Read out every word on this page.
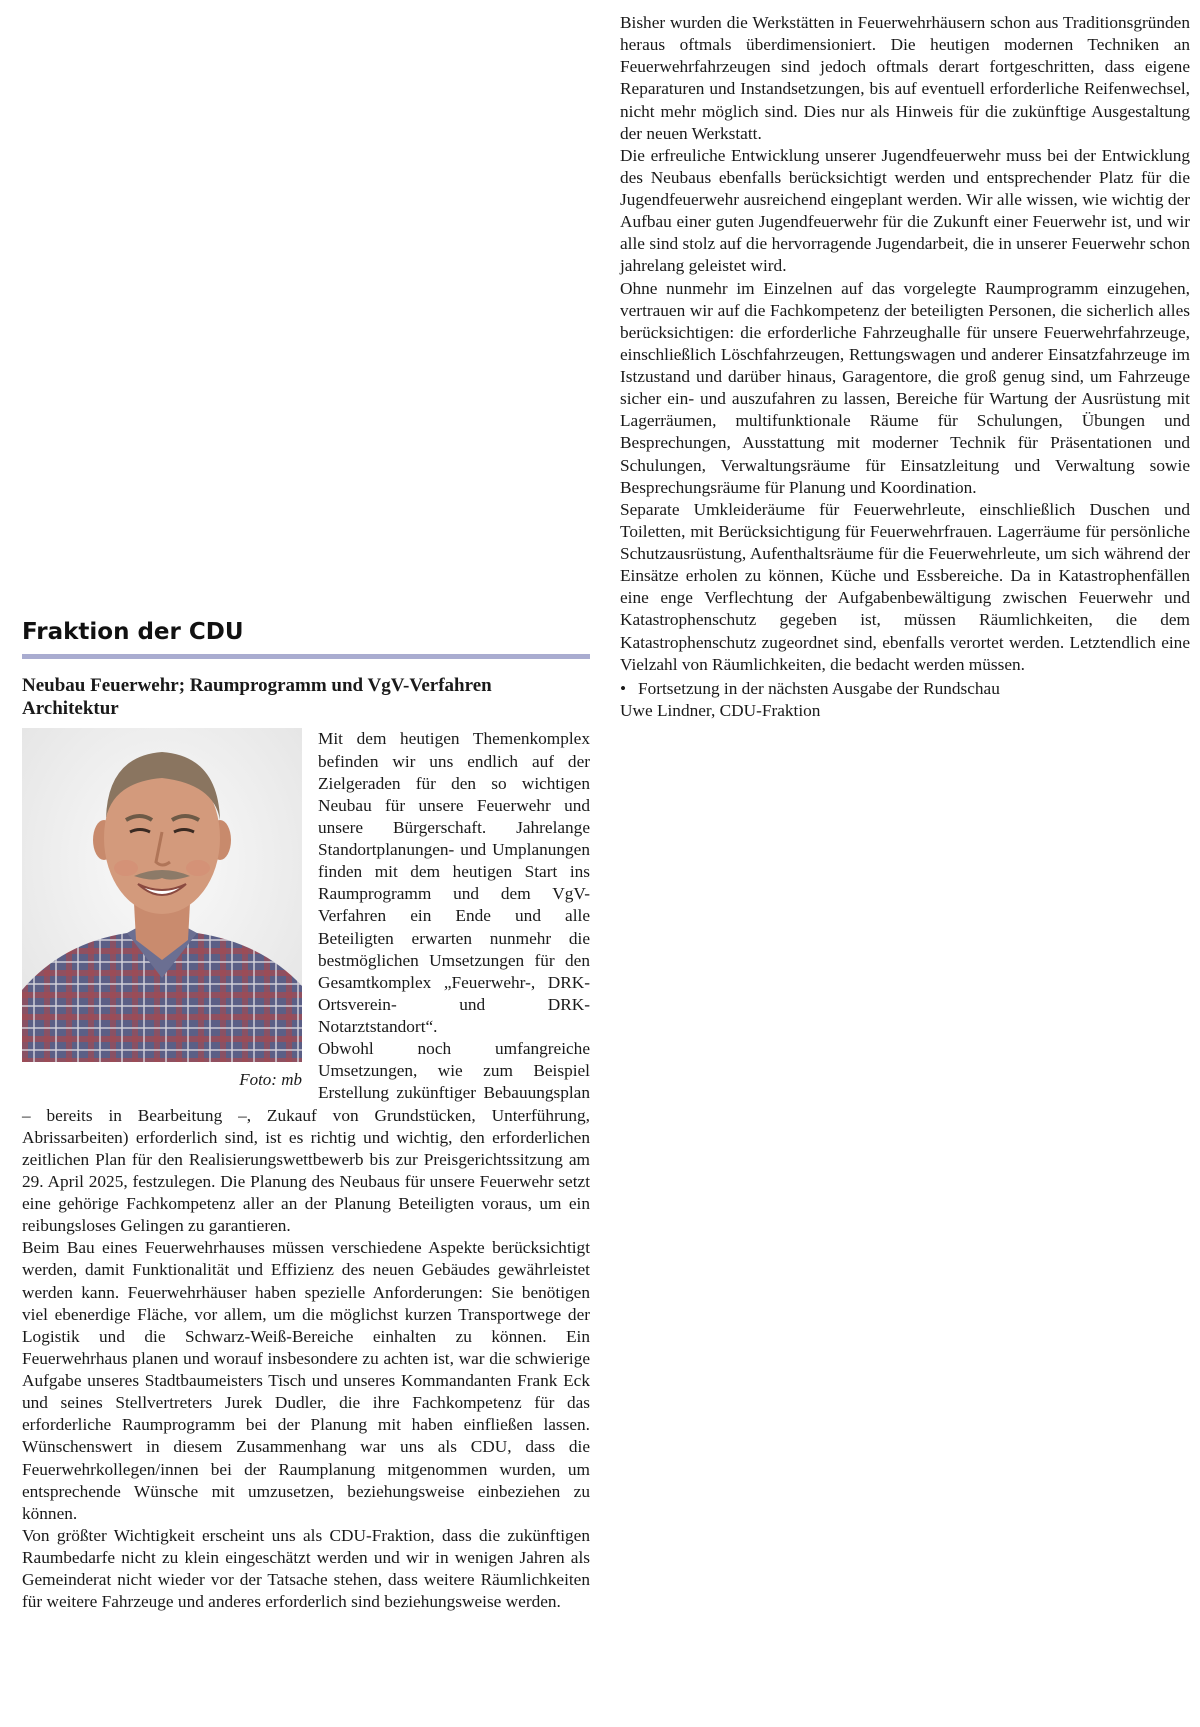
Fraktion der CDU
Neubau Feuerwehr; Raumprogramm und VgV-Verfahren Architektur
Foto: mb

Mit dem heutigen Themenkomplex befinden wir uns endlich auf der Zielgeraden für den so wichtigen Neubau für unsere Feuerwehr und unsere Bürgerschaft. Jahrelange Standortplanungen- und Umplanungen finden mit dem heutigen Start ins Raumprogramm und dem VgV-Verfahren ein Ende und alle Beteiligten erwarten nunmehr die bestmöglichen Umsetzungen für den Gesamtkomplex „Feuerwehr-, DRK-Ortsverein- und DRK-Notarztstandort“.

Obwohl noch umfangreiche Umsetzungen, wie zum Beispiel Erstellung zukünftiger Bebauungsplan – bereits in Bearbeitung –, Zukauf von Grundstücken, Unterführung, Abrissarbeiten) erforderlich sind, ist es richtig und wichtig, den erforderlichen zeitlichen Plan für den Realisierungswettbewerb bis zur Preisgerichtssitzung am 29. April 2025, festzulegen. Die Planung des Neubaus für unsere Feuerwehr setzt eine gehörige Fachkompetenz aller an der Planung Beteiligten voraus, um ein reibungsloses Gelingen zu garantieren.

Beim Bau eines Feuerwehrhauses müssen verschiedene Aspekte berücksichtigt werden, damit Funktionalität und Effizienz des neuen Gebäudes gewährleistet werden kann. Feuerwehrhäuser haben spezielle Anforderungen: Sie benötigen viel ebenerdige Fläche, vor allem, um die möglichst kurzen Transportwege der Logistik und die Schwarz-Weiß-Bereiche einhalten zu können. Ein Feuerwehrhaus planen und worauf insbesondere zu achten ist, war die schwierige Aufgabe unseres Stadtbaumeisters Tisch und unseres Kommandanten Frank Eck und seines Stellvertreters Jurek Dudler, die ihre Fachkompetenz für das erforderliche Raumprogramm bei der Planung mit haben einfließen lassen. Wünschenswert in diesem Zusammenhang war uns als CDU, dass die Feuerwehrkollegen/innen bei der Raumplanung mitgenommen wurden, um entsprechende Wünsche mit umzusetzen, beziehungsweise einbeziehen zu können.

Von größter Wichtigkeit erscheint uns als CDU-Fraktion, dass die zukünftigen Raumbedarfe nicht zu klein eingeschätzt werden und wir in wenigen Jahren als Gemeinderat nicht wieder vor der Tatsache stehen, dass weitere Räumlichkeiten für weitere Fahrzeuge und anderes erforderlich sind beziehungsweise werden.

Bisher wurden die Werkstätten in Feuerwehrhäusern schon aus Traditionsgründen heraus oftmals überdimensioniert. Die heutigen modernen Techniken an Feuerwehrfahrzeugen sind jedoch oftmals derart fortgeschritten, dass eigene Reparaturen und Instandsetzungen, bis auf eventuell erforderliche Reifenwechsel, nicht mehr möglich sind. Dies nur als Hinweis für die zukünftige Ausgestaltung der neuen Werkstatt.

Die erfreuliche Entwicklung unserer Jugendfeuerwehr muss bei der Entwicklung des Neubaus ebenfalls berücksichtigt werden und entsprechender Platz für die Jugendfeuerwehr ausreichend eingeplant werden. Wir alle wissen, wie wichtig der Aufbau einer guten Jugendfeuerwehr für die Zukunft einer Feuerwehr ist, und wir alle sind stolz auf die hervorragende Jugendarbeit, die in unserer Feuerwehr schon jahrelang geleistet wird.

Ohne nunmehr im Einzelnen auf das vorgelegte Raumprogramm einzugehen, vertrauen wir auf die Fachkompetenz der beteiligten Personen, die sicherlich alles berücksichtigen: die erforderliche Fahrzeughalle für unsere Feuerwehrfahrzeuge, einschließlich Löschfahrzeugen, Rettungswagen und anderer Einsatzfahrzeuge im Istzustand und darüber hinaus, Garagentore, die groß genug sind, um Fahrzeuge sicher ein- und auszufahren zu lassen, Bereiche für Wartung der Ausrüstung mit Lagerräumen, multifunktionale Räume für Schulungen, Übungen und Besprechungen, Ausstattung mit moderner Technik für Präsentationen und Schulungen, Verwaltungsräume für Einsatzleitung und Verwaltung sowie Besprechungsräume für Planung und Koordination.

Separate Umkleideräume für Feuerwehrleute, einschließlich Duschen und Toiletten, mit Berücksichtigung für Feuerwehrfrauen. Lagerräume für persönliche Schutzausrüstung, Aufenthaltsräume für die Feuerwehrleute, um sich während der Einsätze erholen zu können, Küche und Essbereiche. Da in Katastrophenfällen eine enge Verflechtung der Aufgabenbewältigung zwischen Feuerwehr und Katastrophenschutz gegeben ist, müssen Räumlichkeiten, die dem Katastrophenschutz zugeordnet sind, ebenfalls verortet werden. Letztendlich eine Vielzahl von Räumlichkeiten, die bedacht werden müssen.

• Fortsetzung in der nächsten Ausgabe der Rundschau
Uwe Lindner, CDU-Fraktion
